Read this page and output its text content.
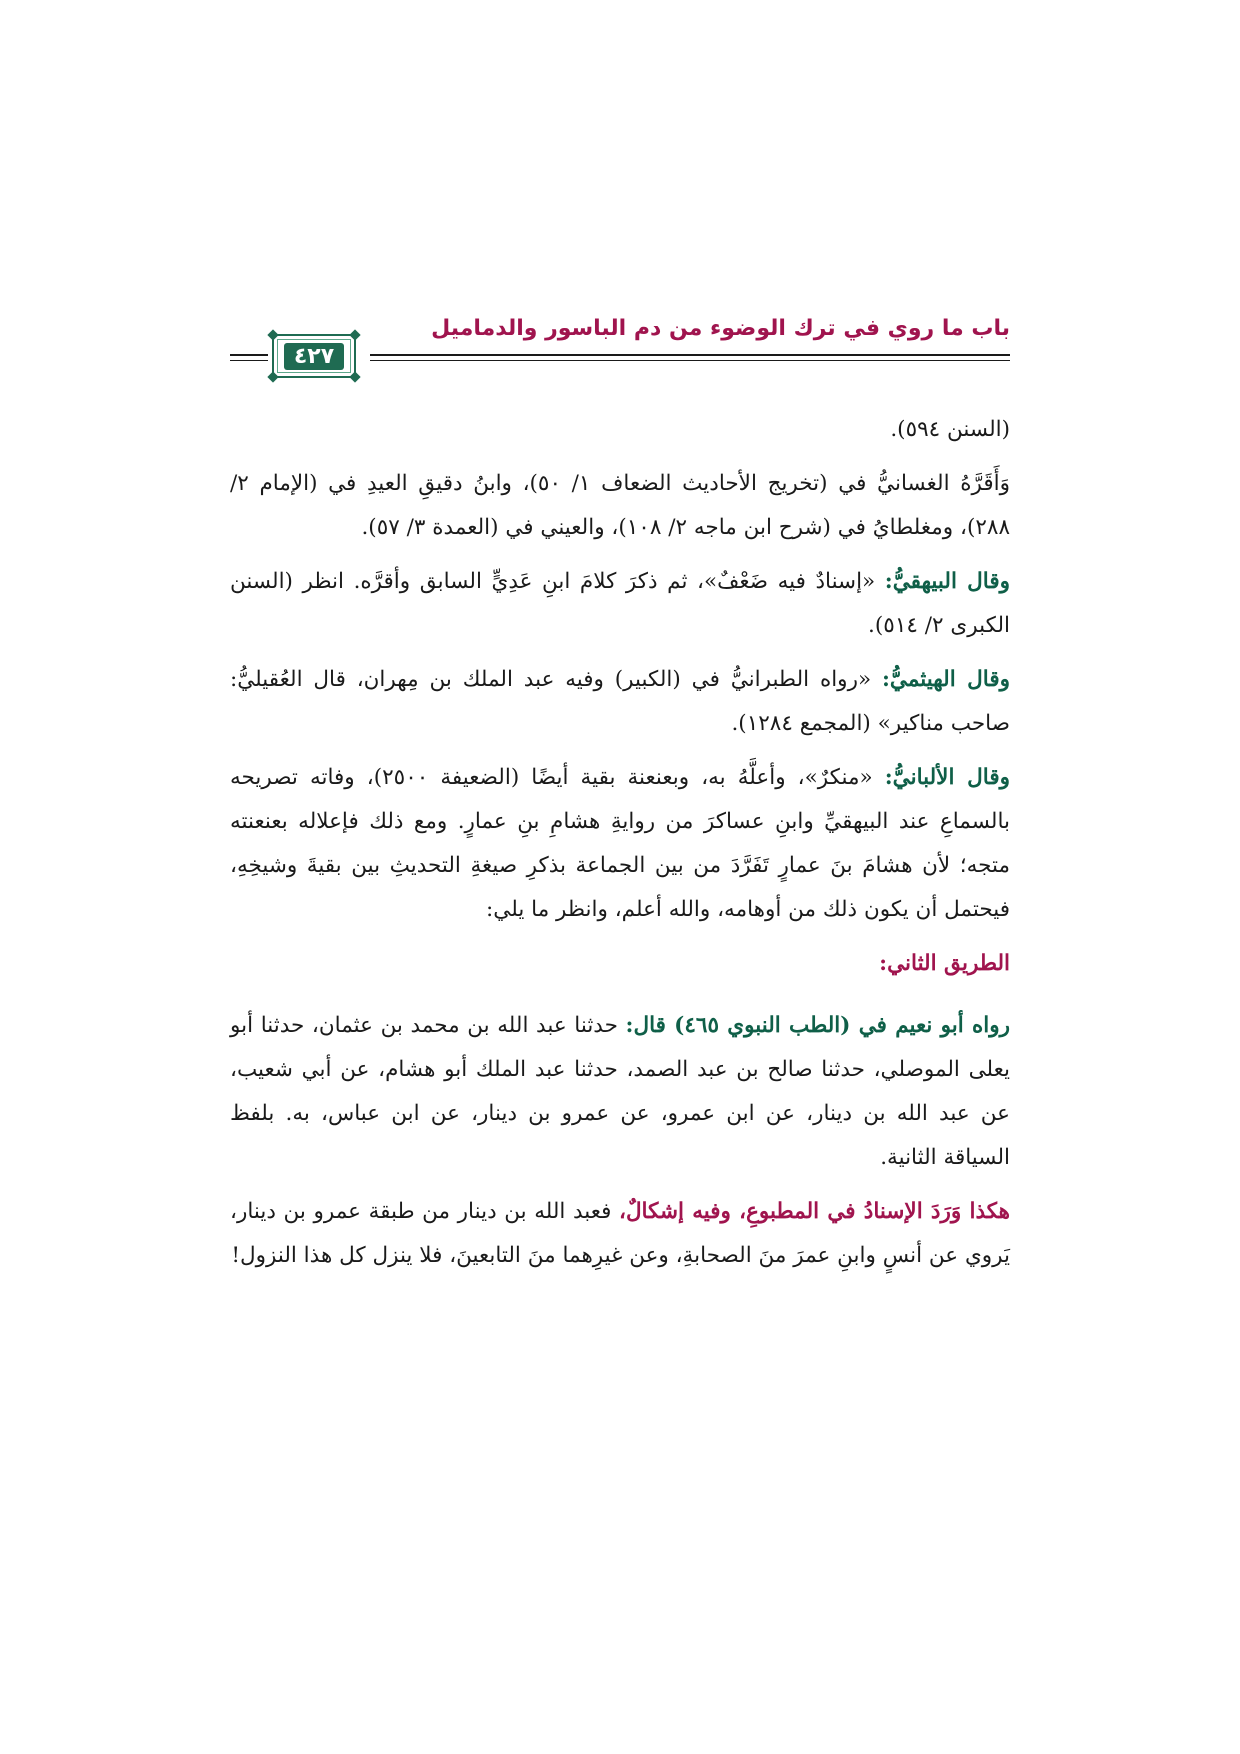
باب ما روي في ترك الوضوء من دم الباسور والدماميل
٤٢٧

(السنن ٥٩٤).

وَأَقَرَّهُ الغسانيُّ في (تخريج الأحاديث الضعاف ١/ ٥٠)، وابنُ دقيقِ العيدِ في (الإمام ٢/ ٢٨٨)، ومغلطايُ في (شرح ابن ماجه ٢/ ١٠٨)، والعيني في (العمدة ٣/ ٥٧).

وقال البيهقيُّ: «إسنادٌ فيه ضَعْفٌ»، ثم ذكرَ كلامَ ابنِ عَدِيٍّ السابق وأقرَّه. انظر (السنن الكبرى ٢/ ٥١٤).

وقال الهيثميُّ: «رواه الطبرانيُّ في (الكبير) وفيه عبد الملك بن مِهران، قال العُقيليُّ: صاحب مناكير» (المجمع ١٢٨٤).

وقال الألبانيُّ: «منكرٌ»، وأعلَّهُ به، وبعنعنة بقية أيضًا (الضعيفة ٢٥٠٠)، وفاته تصريحه بالسماعِ عند البيهقيِّ وابنِ عساكرَ من روايةِ هشامِ بنِ عمارٍ. ومع ذلك فإعلاله بعنعنته متجه؛ لأن هشامَ بنَ عمارٍ تَفَرَّدَ من بين الجماعة بذكرِ صيغةِ التحديثِ بين بقيةَ وشيخِهِ، فيحتمل أن يكون ذلك من أوهامه، والله أعلم، وانظر ما يلي:

الطريق الثاني:

رواه أبو نعيم في (الطب النبوي ٤٦٥) قال: حدثنا عبد الله بن محمد بن عثمان، حدثنا أبو يعلى الموصلي، حدثنا صالح بن عبد الصمد، حدثنا عبد الملك أبو هشام، عن أبي شعيب، عن عبد الله بن دينار، عن ابن عمرو، عن عمرو بن دينار، عن ابن عباس، به. بلفظ السياقة الثانية.

هكذا وَرَدَ الإسنادُ في المطبوعِ، وفيه إشكالٌ، فعبد الله بن دينار من طبقة عمرو بن دينار، يَروي عن أنسٍ وابنِ عمرَ منَ الصحابةِ، وعن غيرِهما منَ التابعينَ، فلا ينزل كل هذا النزول!
